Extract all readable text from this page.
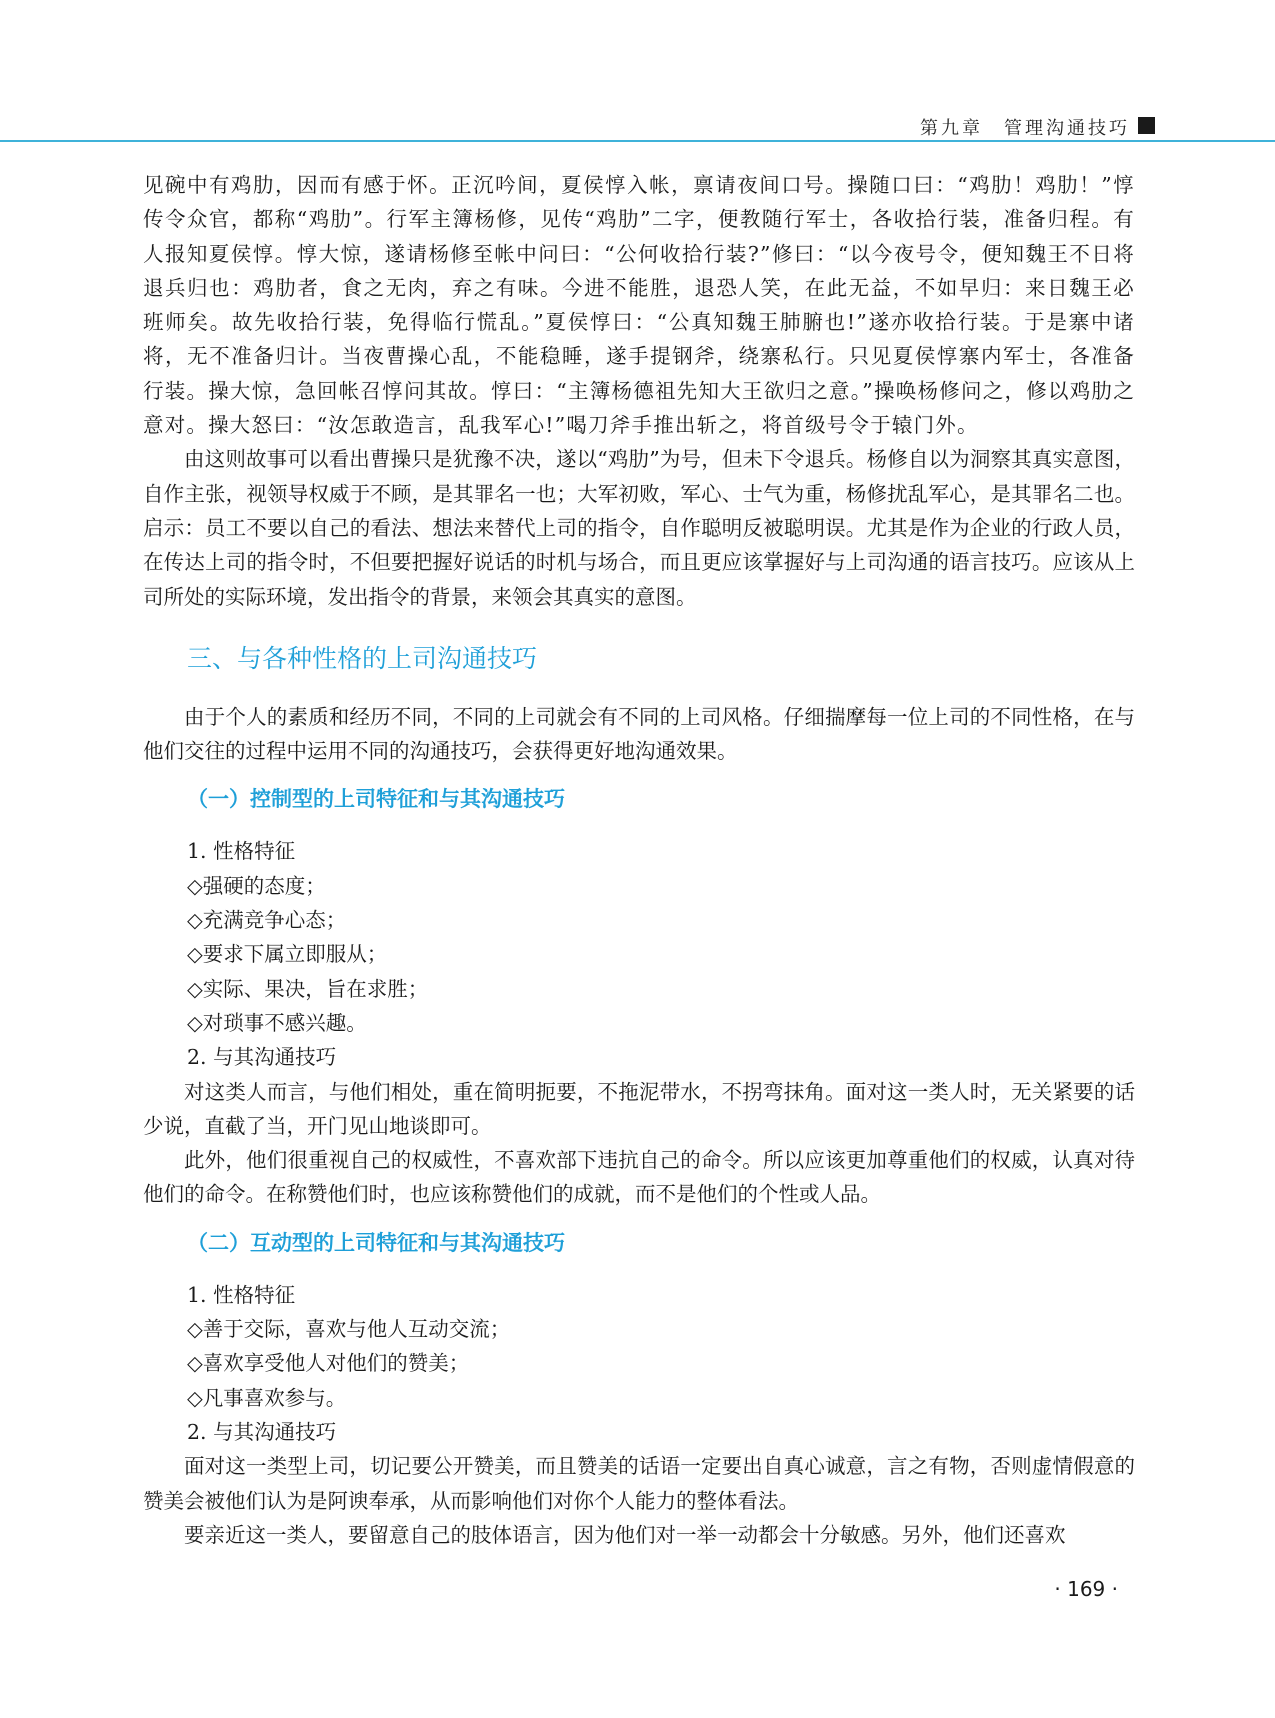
第九章　管理沟通技巧

见碗中有鸡肋，因而有感于怀。正沉吟间，夏侯惇入帐，禀请夜间口号。操随口曰：“鸡肋！鸡肋！”惇传令众官，都称“鸡肋”。行军主簿杨修，见传“鸡肋”二字，便教随行军士，各收拾行装，准备归程。有人报知夏侯惇。惇大惊，遂请杨修至帐中问曰：“公何收拾行装?”修曰：“以今夜号令，便知魏王不日将退兵归也：鸡肋者，食之无肉，弃之有味。今进不能胜，退恐人笑，在此无益，不如早归：来日魏王必班师矣。故先收拾行装，免得临行慌乱。”夏侯惇曰：“公真知魏王肺腑也!”遂亦收拾行装。于是寨中诸将，无不准备归计。当夜曹操心乱，不能稳睡，遂手提钢斧，绕寨私行。只见夏侯惇寨内军士，各准备行装。操大惊，急回帐召惇问其故。惇曰：“主簿杨德祖先知大王欲归之意。”操唤杨修问之，修以鸡肋之意对。操大怒曰：“汝怎敢造言，乱我军心!”喝刀斧手推出斩之，将首级号令于辕门外。

由这则故事可以看出曹操只是犹豫不决，遂以“鸡肋”为号，但未下令退兵。杨修自以为洞察其真实意图，自作主张，视领导权威于不顾，是其罪名一也；大军初败，军心、士气为重，杨修扰乱军心，是其罪名二也。启示：员工不要以自己的看法、想法来替代上司的指令，自作聪明反被聪明误。尤其是作为企业的行政人员，在传达上司的指令时，不但要把握好说话的时机与场合，而且更应该掌握好与上司沟通的语言技巧。应该从上司所处的实际环境，发出指令的背景，来领会其真实的意图。

三、与各种性格的上司沟通技巧

由于个人的素质和经历不同，不同的上司就会有不同的上司风格。仔细揣摩每一位上司的不同性格，在与他们交往的过程中运用不同的沟通技巧，会获得更好地沟通效果。

（一）控制型的上司特征和与其沟通技巧

1. 性格特征

◇强硬的态度；

◇充满竞争心态；

◇要求下属立即服从；

◇实际、果决，旨在求胜；

◇对琐事不感兴趣。

2. 与其沟通技巧

对这类人而言，与他们相处，重在简明扼要，不拖泥带水，不拐弯抹角。面对这一类人时，无关紧要的话少说，直截了当，开门见山地谈即可。

此外，他们很重视自己的权威性，不喜欢部下违抗自己的命令。所以应该更加尊重他们的权威，认真对待他们的命令。在称赞他们时，也应该称赞他们的成就，而不是他们的个性或人品。

（二）互动型的上司特征和与其沟通技巧

1. 性格特征

◇善于交际，喜欢与他人互动交流；

◇喜欢享受他人对他们的赞美；

◇凡事喜欢参与。

2. 与其沟通技巧

面对这一类型上司，切记要公开赞美，而且赞美的话语一定要出自真心诚意，言之有物，否则虚情假意的赞美会被他们认为是阿谀奉承，从而影响他们对你个人能力的整体看法。

要亲近这一类人，要留意自己的肢体语言，因为他们对一举一动都会十分敏感。另外，他们还喜欢

· 169 ·
